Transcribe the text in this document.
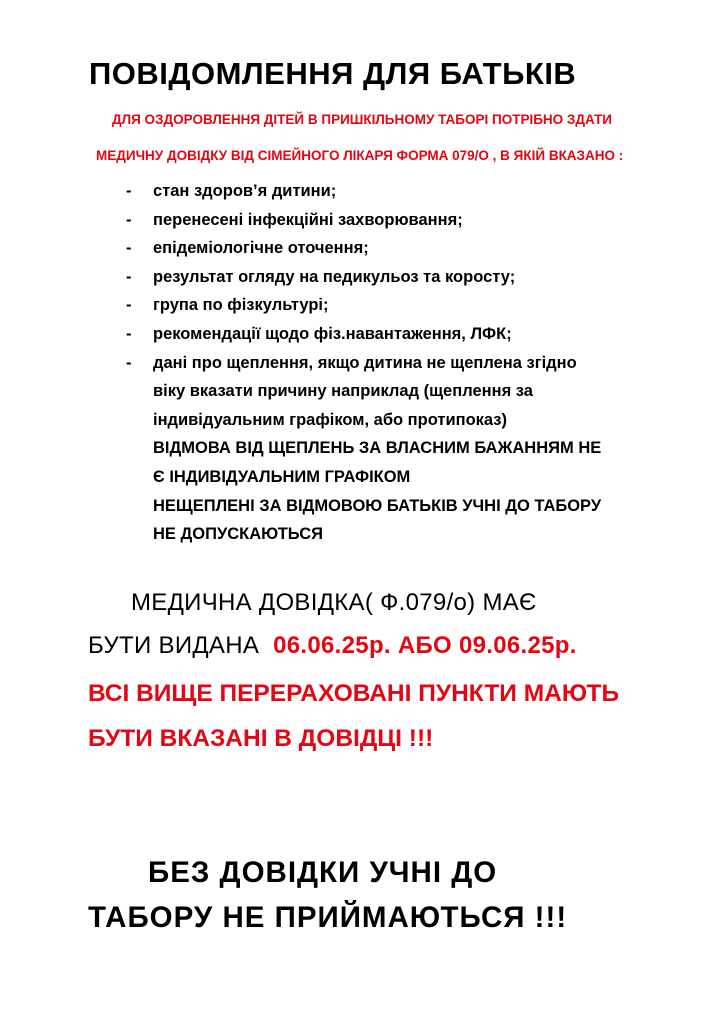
ПОВІДОМЛЕННЯ ДЛЯ БАТЬКІВ
ДЛЯ ОЗДОРОВЛЕННЯ ДІТЕЙ В ПРИШКІЛЬНОМУ ТАБОРІ ПОТРІБНО ЗДАТИ
МЕДИЧНУ ДОВІДКУ ВІД СІМЕЙНОГО ЛІКАРЯ ФОРМА 079/О , В ЯКІЙ ВКАЗАНО :
- стан здоров’я дитини;
- перенесені інфекційні захворювання;
- епідеміологічне оточення;
- результат огляду на педикульоз та коросту;
- група по фізкультурі;
- рекомендації щодо фіз.навантаження, ЛФК;
- дані про щеплення, якщо дитина не щеплена згідно
віку вказати причину наприклад (щеплення за
індивідуальним графіком, або протипоказ)
ВІДМОВА ВІД ЩЕПЛЕНЬ ЗА ВЛАСНИМ БАЖАННЯМ НЕ
Є ІНДИВІДУАЛЬНИМ ГРАФІКОМ
НЕЩЕПЛЕНІ ЗА ВІДМОВОЮ БАТЬКІВ УЧНІ ДО ТАБОРУ
НЕ ДОПУСКАЮТЬСЯ
МЕДИЧНА ДОВІДКА( Ф.079/о) МАЄ
БУТИ ВИДАНА 06.06.25р. АБО 09.06.25р.
ВСІ ВИЩЕ ПЕРЕРАХОВАНІ ПУНКТИ МАЮТЬ
БУТИ ВКАЗАНІ В ДОВІДЦІ !!!
БЕЗ ДОВІДКИ УЧНІ ДО
ТАБОРУ НЕ ПРИЙМАЮТЬСЯ !!!
